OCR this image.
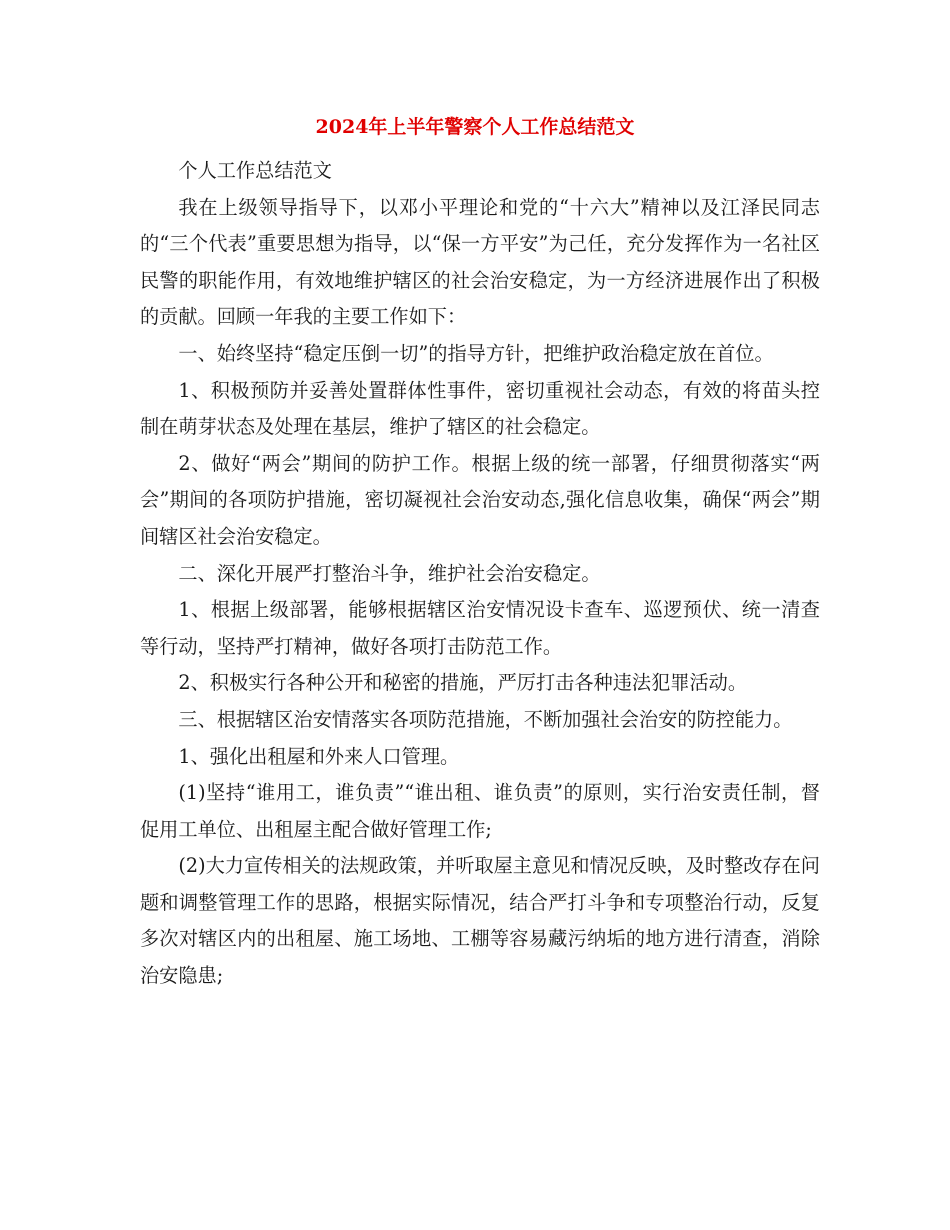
2024年上半年警察个人工作总结范文

个人工作总结范文

我在上级领导指导下，以邓小平理论和党的“十六大”精神以及江泽民同志的“三个代表”重要思想为指导，以“保一方平安”为己任，充分发挥作为一名社区民警的职能作用，有效地维护辖区的社会治安稳定，为一方经济进展作出了积极的贡献。回顾一年我的主要工作如下：

一、始终坚持“稳定压倒一切”的指导方针，把维护政治稳定放在首位。

1、积极预防并妥善处置群体性事件，密切重视社会动态，有效的将苗头控制在萌芽状态及处理在基层，维护了辖区的社会稳定。

2、做好“两会”期间的防护工作。根据上级的统一部署，仔细贯彻落实“两会”期间的各项防护措施，密切凝视社会治安动态,强化信息收集，确保“两会”期间辖区社会治安稳定。

二、深化开展严打整治斗争，维护社会治安稳定。

1、根据上级部署，能够根据辖区治安情况设卡查车、巡逻预伏、统一清查等行动，坚持严打精神，做好各项打击防范工作。

2、积极实行各种公开和秘密的措施，严厉打击各种违法犯罪活动。

三、根据辖区治安情落实各项防范措施，不断加强社会治安的防控能力。

1、强化出租屋和外来人口管理。

(1)坚持“谁用工，谁负责”“谁出租、谁负责”的原则，实行治安责任制，督促用工单位、出租屋主配合做好管理工作;

(2)大力宣传相关的法规政策，并听取屋主意见和情况反映，及时整改存在问题和调整管理工作的思路，根据实际情况，结合严打斗争和专项整治行动，反复多次对辖区内的出租屋、施工场地、工棚等容易藏污纳垢的地方进行清查，消除治安隐患;
